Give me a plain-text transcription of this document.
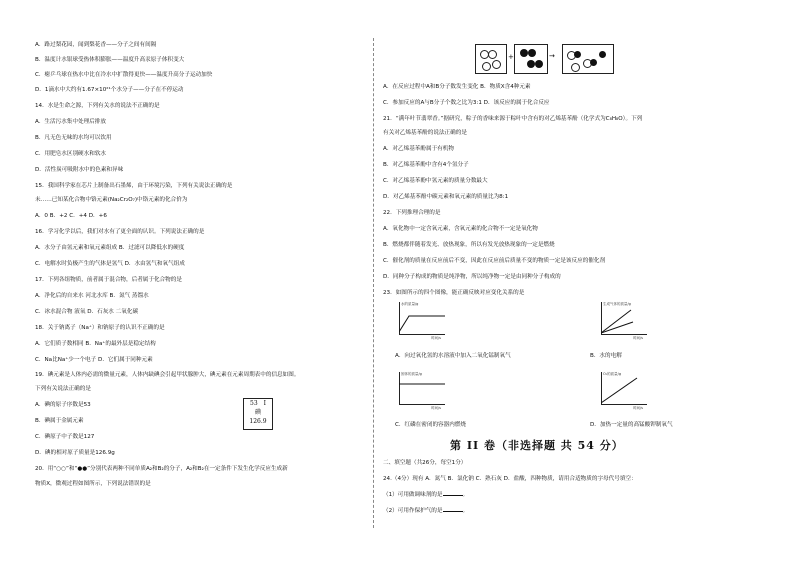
A．路过梨花园，闻到梨花香——分子之间有间隔
B．温度计水银球受热体积膨胀——温度升高汞原子体积变大
C．瘪乒乓球在热水中比在冷水中扩散得更快——温度升高分子运动加快
D．1滴水中大约有1.67×10²¹个水分子——分子在不停运动
14．水是生命之源，下列有关水的说法不正确的是
A．生活污水集中处理后排放
B．凡无色无味的水均可以饮用
C．用肥皂水区别硬水和软水
D．活性炭可吸附水中的色素和异味
15．我国科学家在芯片上制备出石墨烯，由于环境污染，下列有关说法正确的是
未……已知某化合物中铬元素(Na₂Cr₂O₇)中铬元素的化合价为
A．0 B．+2 C．+4 D．+6
16．学习化学以后，我们对水有了更全面的认识。下列说法正确的是
A．水分子由氢元素和氧元素组成 B．过滤可以降低水的硬度
C．电解水时负极产生的气体是氢气 D．水由氢气和氧气组成
17．下列各组物质，前者属于混合物，后者属于化合物的是
A．净化后的自来水 河北水库 B．氮气 蒸馏水
C．冰水混合物 液氧 D．石灰水 二氧化碳
18．关于钠离子（Na⁺）和钠原子的认识不正确的是
A．它们质子数相同 B．Na⁺的最外层是稳定结构
C．Na比Na⁺少一个电子 D．它们属于同种元素
19．碘元素是人体内必需的微量元素，人体内缺碘会引起甲状腺肿大，碘元素在元素周期表中的信息如图。
下列有关说法正确的是
A．碘的原子序数是53
B．碘属于金属元素
C．碘原子中子数是127
D．碘的相对原子质量是126.9g
20．用“○○”和“●●”分别代表两种不同单质A₂和B₂的分子，A₂和B₂在一定条件下发生化学反应生成新
物质X，微观过程如图所示，下列说法错误的是
53 I
碘
126.9
+	→
A．在反应过程中A和B分子数发生变化 B．物质X含4种元素
C．参加反应的A与B分子个数之比为3:1 D．该反应的属于化合反应
21．“满年叶节翡翠香。”据研究，粽子的香味来源于粽叶中含有的对乙烯基苯酚（化学式为C₈H₈O）。下列
有关对乙烯基苯酚的说法正确的是
A．对乙烯基苯酚属于有机物
B．对乙烯基苯酚中含有4个氢分子
C．对乙烯基苯酚中氢元素的质量分数最大
D．对乙烯基苯酚中碳元素和氧元素的质量比为8:1
22．下列推理合理的是
A．氧化物中一定含氧元素，含氧元素的化合物不一定是氧化物
B．燃烧都伴随着发光、放热现象，所以有发光放热现象的一定是燃烧
C．催化剂的质量在反应前后不变，因此在反应前后质量不变的物质一定是该反应的催化剂
D．同种分子构成的物质是纯净物，所以纯净物一定是由同种分子构成的
23．如图所示的四个图像，能正确反映对应变化关系的是
水的质量/g
时间/s
A．向过氧化氢的水溶液中加入二氧化锰制氧气
生成气体的质量/g
时间/s
B．水的电解
固体的质量/g
时间/s
C．红磷在密闭的容器内燃烧
O₂的质量/g
时间/s
D．加热一定量的高锰酸钾制氧气
第 II 卷（非选择题 共 54 分）
二、填空题（共26分，每空1分）
24.（4分）现有 A．氮气 B．氯化钠 C．熟石灰 D．盐酸，四种物质，请用合适物质的字母代号填空：
（1）可用做调味剂的是	。
（2）可用作保护气的是	。
